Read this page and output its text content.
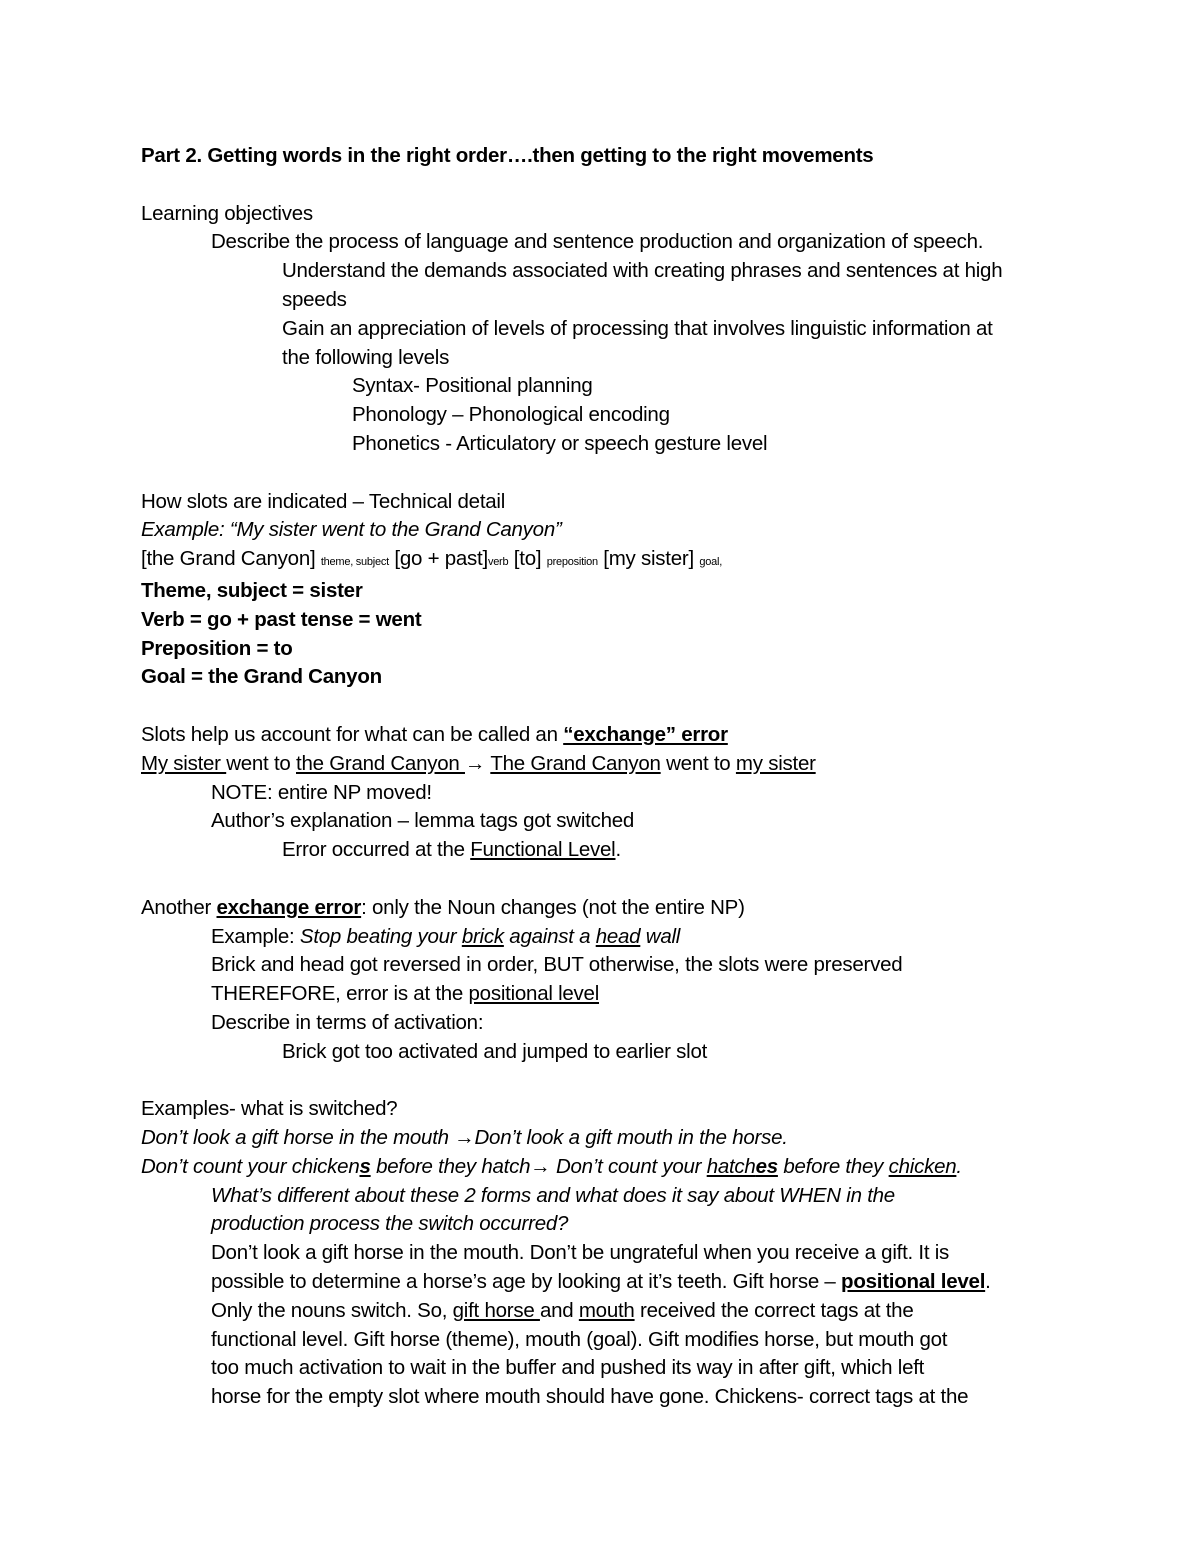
Part 2. Getting words in the right order….then getting to the right movements
Learning objectives
Describe the process of language and sentence production and organization of speech.
Understand the demands associated with creating phrases and sentences at high
speeds
Gain an appreciation of levels of processing that involves linguistic information at
the following levels
Syntax- Positional planning
Phonology – Phonological encoding
Phonetics - Articulatory or speech gesture level
How slots are indicated – Technical detail
Example: “My sister went to the Grand Canyon”
[the Grand Canyon] theme, subject [go + past]verb [to] preposition [my sister] goal,
Theme, subject = sister
Verb = go + past tense = went
Preposition = to
Goal = the Grand Canyon
Slots help us account for what can be called an “exchange” error
My sister went to the Grand Canyon → The Grand Canyon went to my sister
NOTE: entire NP moved!
Author’s explanation – lemma tags got switched
Error occurred at the Functional Level.
Another exchange error: only the Noun changes (not the entire NP)
Example: Stop beating your brick against a head wall
Brick and head got reversed in order, BUT otherwise, the slots were preserved
THEREFORE, error is at the positional level
Describe in terms of activation:
Brick got too activated and jumped to earlier slot
Examples- what is switched?
Don’t look a gift horse in the mouth →Don’t look a gift mouth in the horse.
Don’t count your chickens before they hatch→ Don’t count your hatches before they chicken.
What’s different about these 2 forms and what does it say about WHEN in the
production process the switch occurred?
Don’t look a gift horse in the mouth. Don’t be ungrateful when you receive a gift. It is
possible to determine a horse’s age by looking at it’s teeth. Gift horse – positional level.
Only the nouns switch. So, gift horse and mouth received the correct tags at the
functional level. Gift horse (theme), mouth (goal). Gift modifies horse, but mouth got
too much activation to wait in the buffer and pushed its way in after gift, which left
horse for the empty slot where mouth should have gone. Chickens- correct tags at the
